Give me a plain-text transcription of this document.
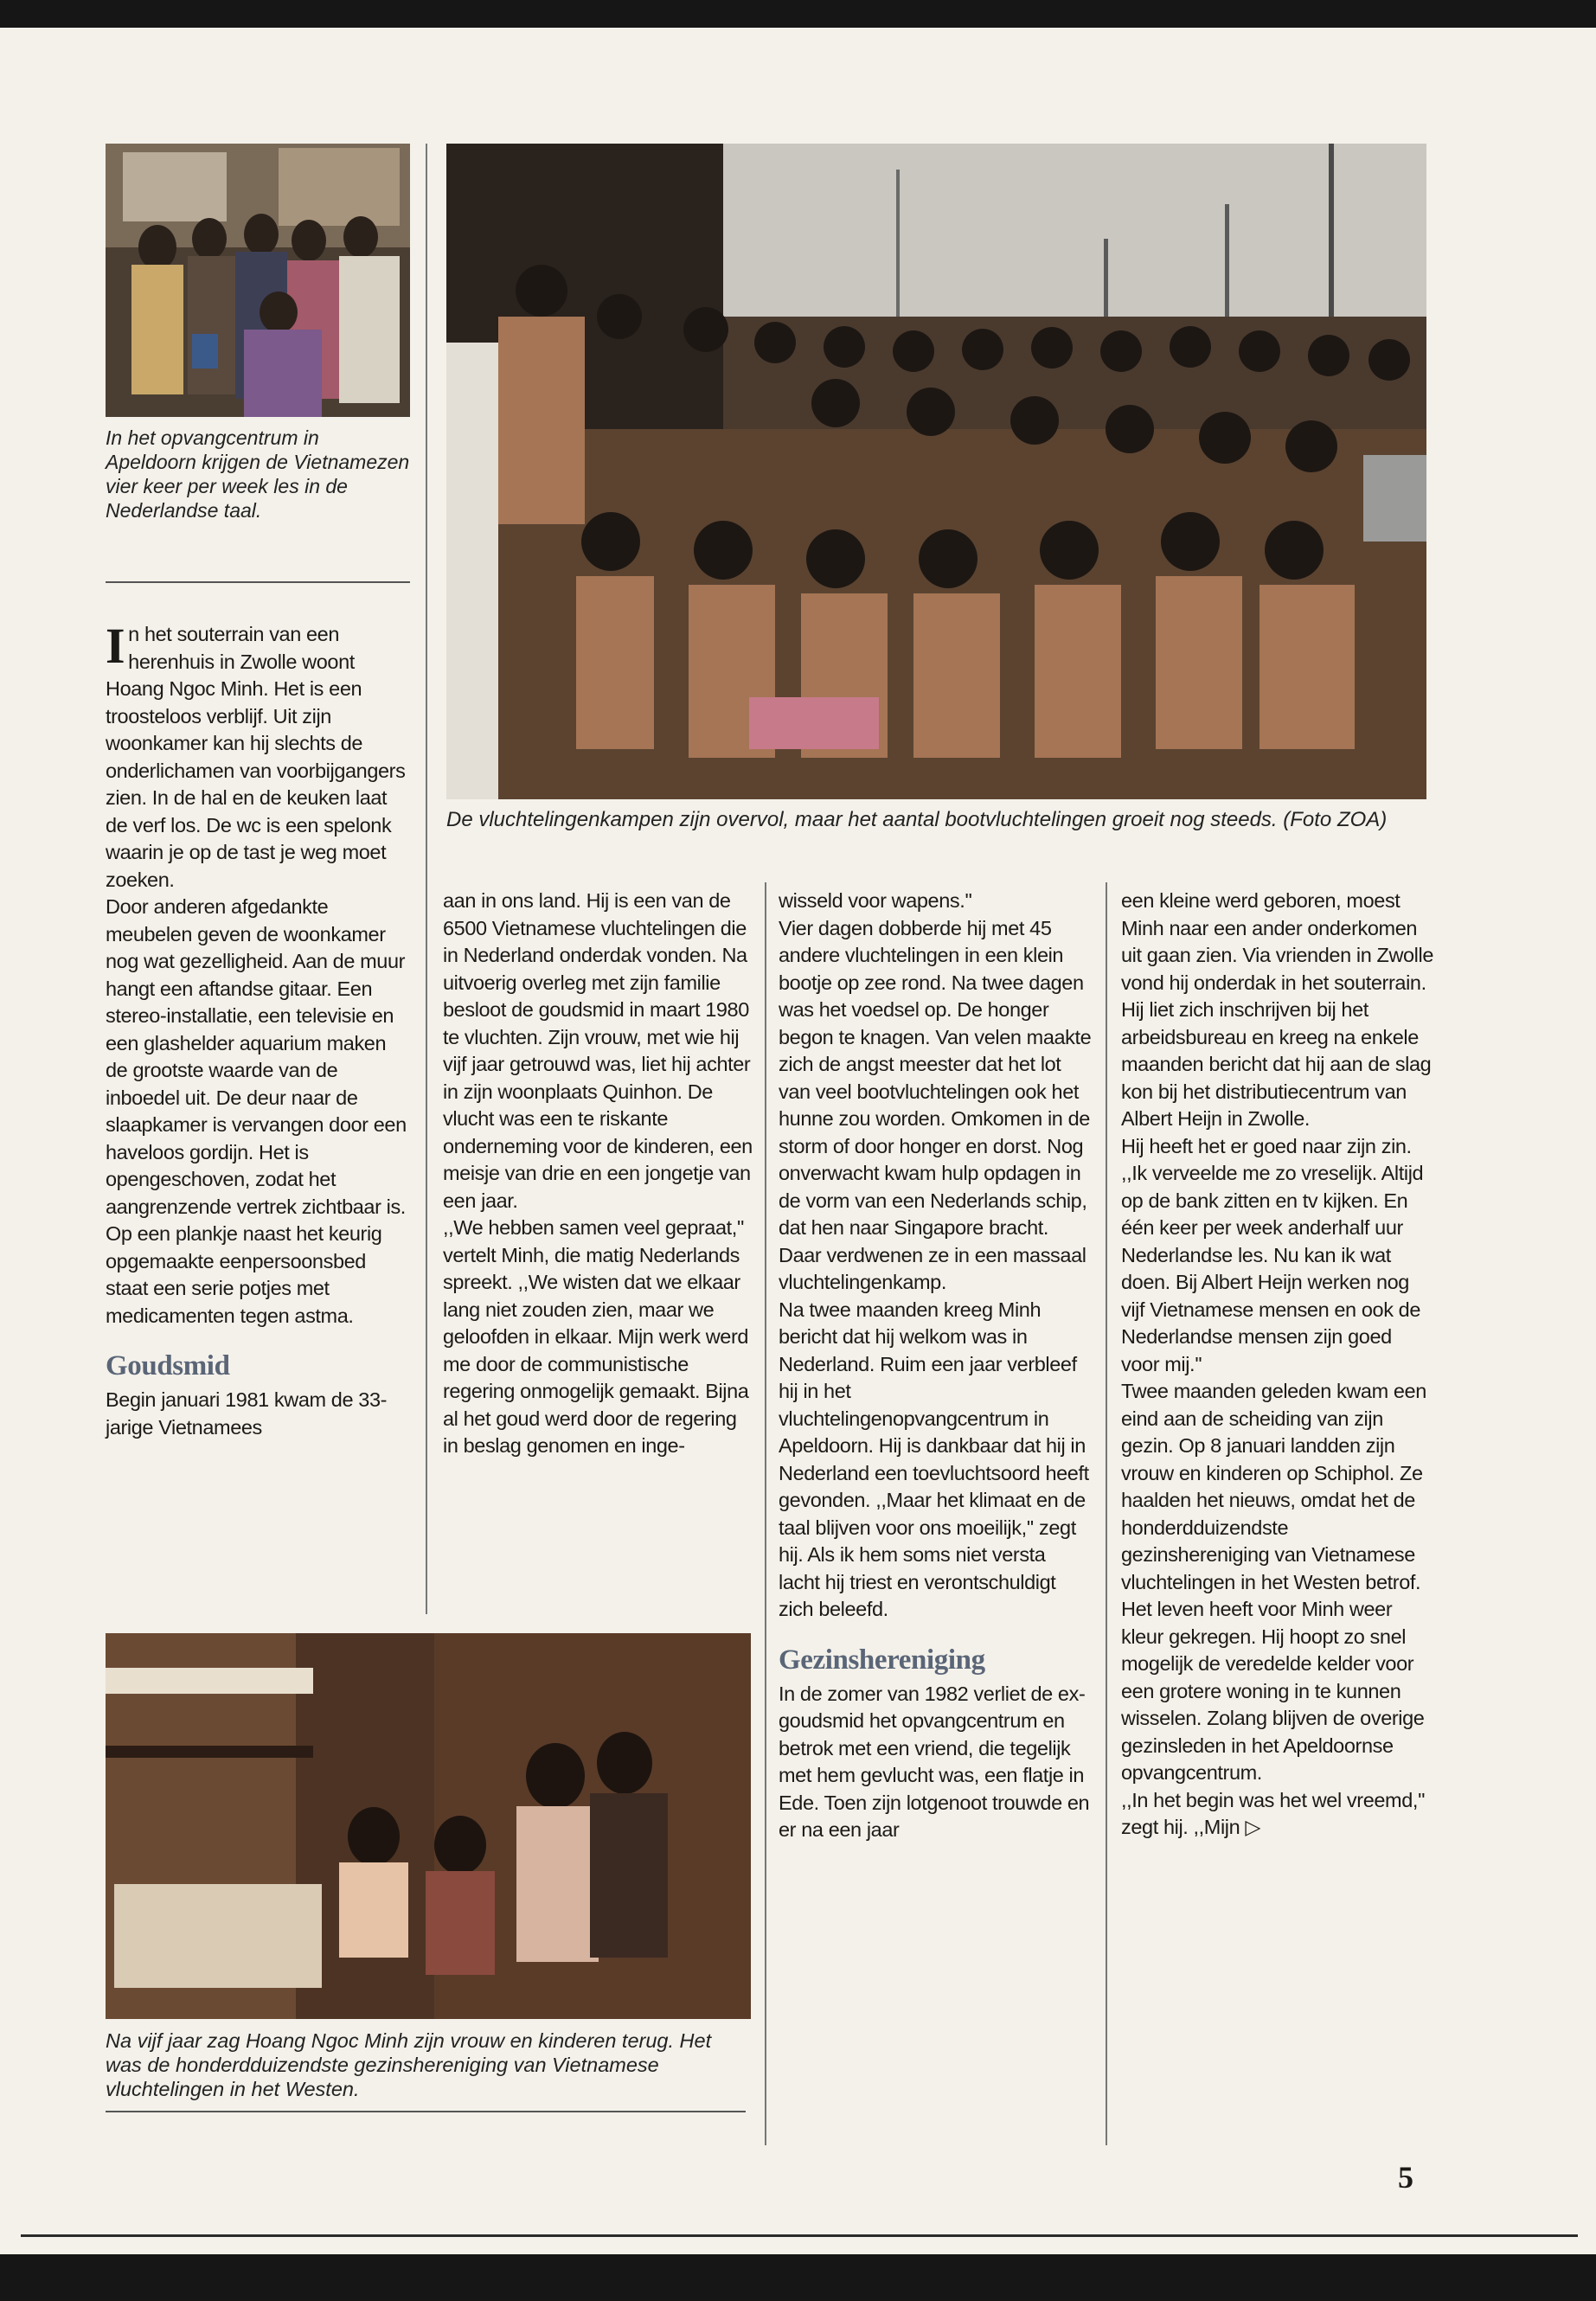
In het opvangcentrum in Apeldoorn krijgen de Vietnamezen vier keer per week les in de Nederlandse taal.

De vluchtelingenkampen zijn overvol, maar het aantal bootvluchtelingen groeit nog steeds. (Foto ZOA)

In het souterrain van een herenhuis in Zwolle woont Hoang Ngoc Minh. Het is een troosteloos verblijf. Uit zijn woonkamer kan hij slechts de onderlichamen van voorbijgangers zien. In de hal en de keuken laat de verf los. De wc is een spelonk waarin je op de tast je weg moet zoeken.

Door anderen afgedankte meubelen geven de woonkamer nog wat gezelligheid. Aan de muur hangt een aftandse gitaar. Een stereo-installatie, een televisie en een glashelder aquarium maken de grootste waarde van de inboedel uit. De deur naar de slaapkamer is vervangen door een haveloos gordijn. Het is opengeschoven, zodat het aangrenzende vertrek zichtbaar is. Op een plankje naast het keurig opgemaakte eenpersoonsbed staat een serie potjes met medicamenten tegen astma.

Goudsmid

Begin januari 1981 kwam de 33-jarige Vietnamees

aan in ons land. Hij is een van de 6500 Vietnamese vluchtelingen die in Nederland onderdak vonden. Na uitvoerig overleg met zijn familie besloot de goudsmid in maart 1980 te vluchten. Zijn vrouw, met wie hij vijf jaar getrouwd was, liet hij achter in zijn woonplaats Quinhon. De vlucht was een te riskante onderneming voor de kinderen, een meisje van drie en een jongetje van een jaar.

,,We hebben samen veel gepraat,'' vertelt Minh, die matig Nederlands spreekt. ,,We wisten dat we elkaar lang niet zouden zien, maar we geloofden in elkaar. Mijn werk werd me door de communistische regering onmogelijk gemaakt. Bijna al het goud werd door de regering in beslag genomen en inge-

wisseld voor wapens.''

Vier dagen dobberde hij met 45 andere vluchtelingen in een klein bootje op zee rond. Na twee dagen was het voedsel op. De honger begon te knagen. Van velen maakte zich de angst meester dat het lot van veel bootvluchtelingen ook het hunne zou worden. Omkomen in de storm of door honger en dorst. Nog onverwacht kwam hulp opdagen in de vorm van een Nederlands schip, dat hen naar Singapore bracht. Daar verdwenen ze in een massaal vluchtelingenkamp.

Na twee maanden kreeg Minh bericht dat hij welkom was in Nederland. Ruim een jaar verbleef hij in het vluchtelingenopvangcentrum in Apeldoorn. Hij is dankbaar dat hij in Nederland een toevluchtsoord heeft gevonden. ,,Maar het klimaat en de taal blijven voor ons moeilijk,'' zegt hij. Als ik hem soms niet versta lacht hij triest en verontschuldigt zich beleefd.

Gezinshereniging

In de zomer van 1982 verliet de ex-goudsmid het opvangcentrum en betrok met een vriend, die tegelijk met hem gevlucht was, een flatje in Ede. Toen zijn lotgenoot trouwde en er na een jaar

een kleine werd geboren, moest Minh naar een ander onderkomen uit gaan zien. Via vrienden in Zwolle vond hij onderdak in het souterrain. Hij liet zich inschrijven bij het arbeidsbureau en kreeg na enkele maanden bericht dat hij aan de slag kon bij het distributiecentrum van Albert Heijn in Zwolle.

Hij heeft het er goed naar zijn zin. ,,Ik verveelde me zo vreselijk. Altijd op de bank zitten en tv kijken. En één keer per week anderhalf uur Nederlandse les. Nu kan ik wat doen. Bij Albert Heijn werken nog vijf Vietnamese mensen en ook de Nederlandse mensen zijn goed voor mij.''

Twee maanden geleden kwam een eind aan de scheiding van zijn gezin. Op 8 januari landden zijn vrouw en kinderen op Schiphol. Ze haalden het nieuws, omdat het de honderdduizendste gezinshereniging van Vietnamese vluchtelingen in het Westen betrof. Het leven heeft voor Minh weer kleur gekregen. Hij hoopt zo snel mogelijk de veredelde kelder voor een grotere woning in te kunnen wisselen. Zolang blijven de overige gezinsleden in het Apeldoornse opvangcentrum.

,,In het begin was het wel vreemd,'' zegt hij. ,,Mijn ▷

Na vijf jaar zag Hoang Ngoc Minh zijn vrouw en kinderen terug. Het was de honderdduizendste gezinshereniging van Vietnamese vluchtelingen in het Westen.

5
